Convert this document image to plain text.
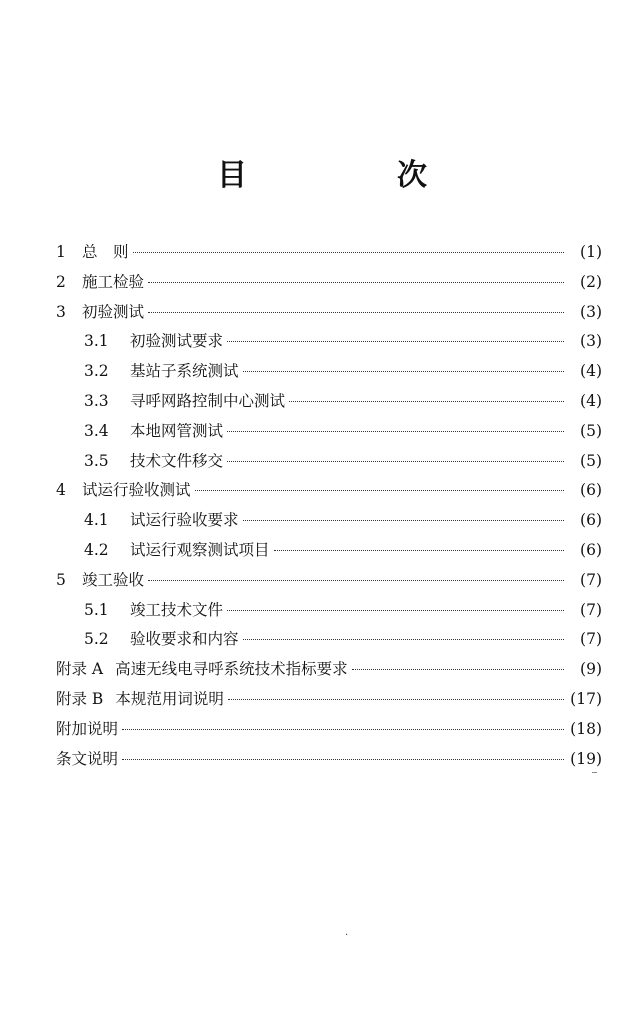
目　次
1	总　则	(1)
2	施工检验	(2)
3	初验测试	(3)
3.1	初验测试要求	(3)
3.2	基站子系统测试	(4)
3.3	寻呼网路控制中心测试	(4)
3.4	本地网管测试	(5)
3.5	技术文件移交	(5)
4	试运行验收测试	(6)
4.1	试运行验收要求	(6)
4.2	试运行观察测试项目	(6)
5	竣工验收	(7)
5.1	竣工技术文件	(7)
5.2	验收要求和内容	(7)
附录 A 高速无线电寻呼系统技术指标要求	(9)
附录 B 本规范用词说明	(17)
附加说明	(18)
条文说明	(19)
·
